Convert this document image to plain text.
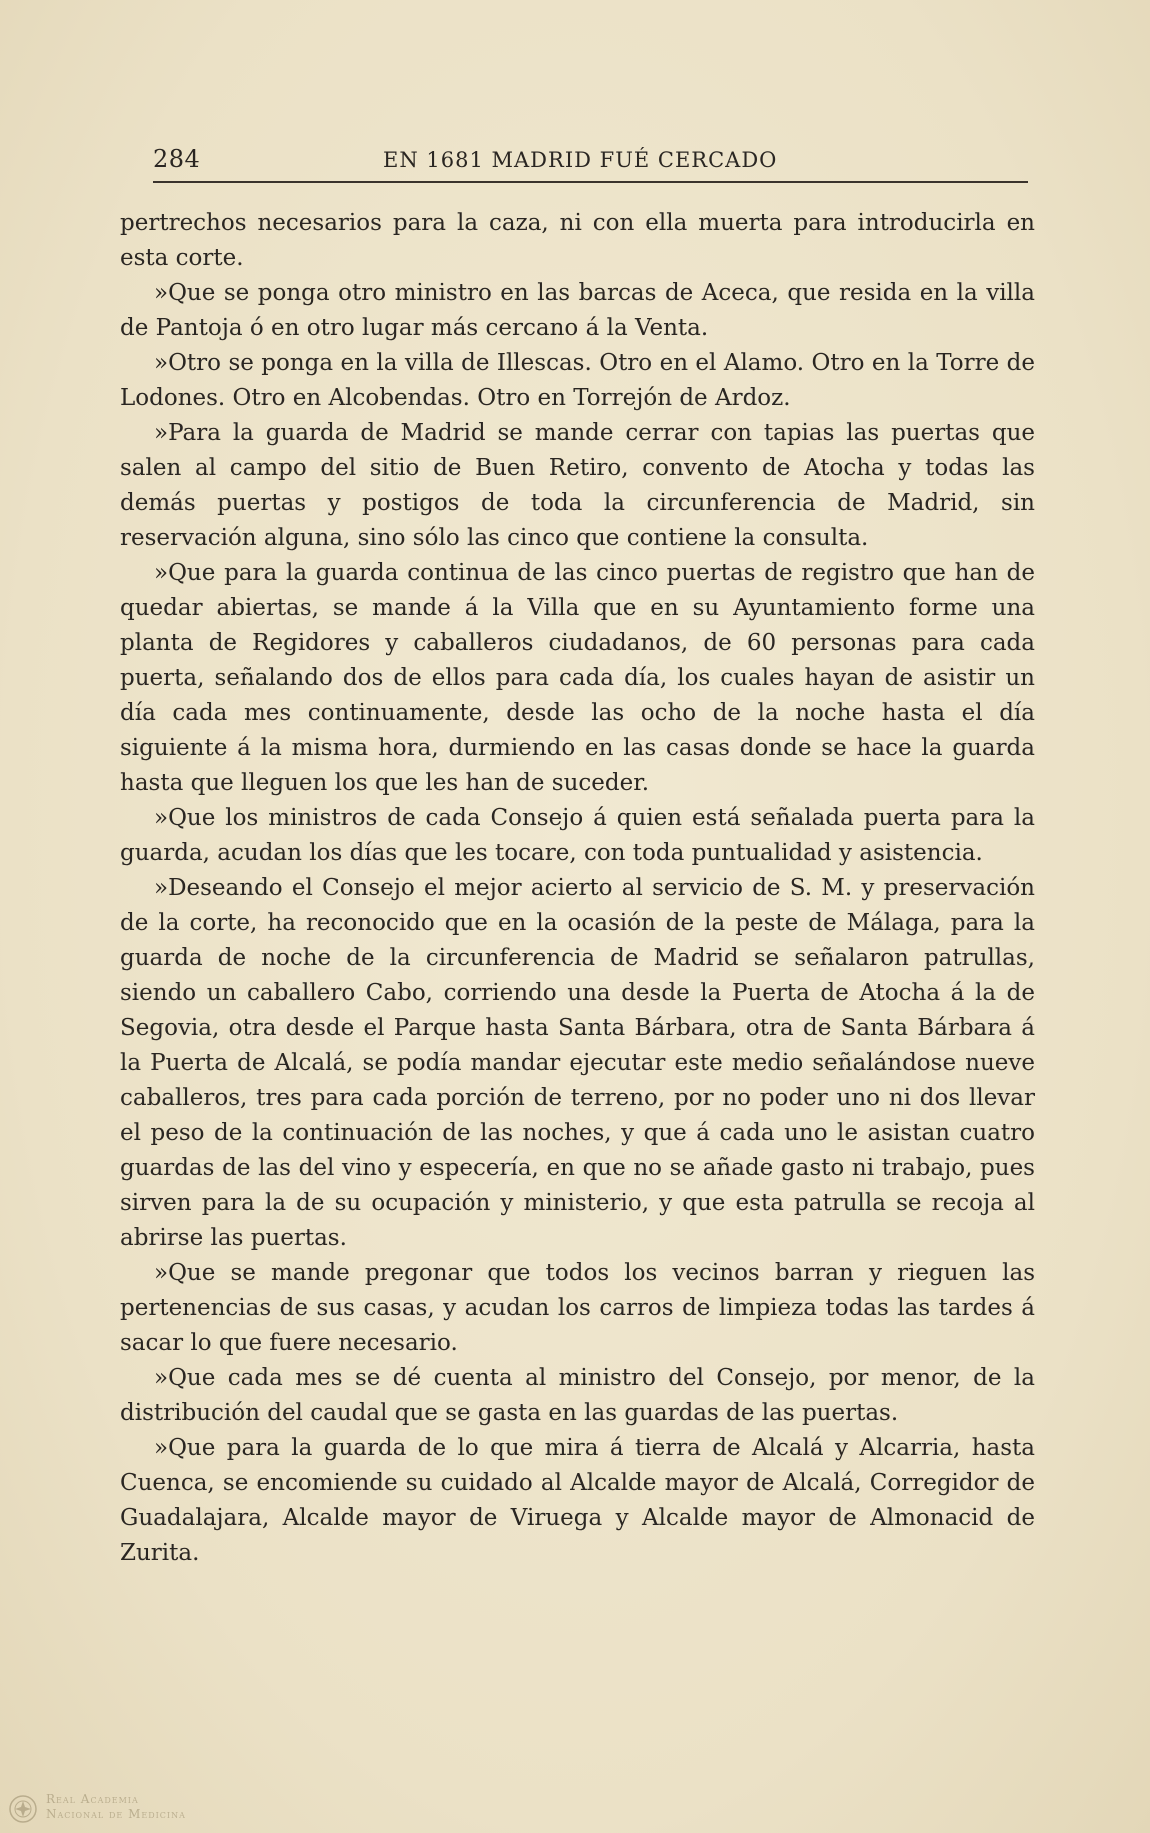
284	EN 1681 MADRID FUÉ CERCADO

pertrechos necesarios para la caza, ni con ella muerta para introducirla en esta corte.

»Que se ponga otro ministro en las barcas de Aceca, que resida en la villa de Pantoja ó en otro lugar más cercano á la Venta.

»Otro se ponga en la villa de Illescas. Otro en el Alamo. Otro en la Torre de Lodones. Otro en Alcobendas. Otro en Torrejón de Ardoz.

»Para la guarda de Madrid se mande cerrar con tapias las puertas que salen al campo del sitio de Buen Retiro, convento de Atocha y todas las demás puertas y postigos de toda la circunferencia de Madrid, sin reservación alguna, sino sólo las cinco que contiene la consulta.

»Que para la guarda continua de las cinco puertas de registro que han de quedar abiertas, se mande á la Villa que en su Ayuntamiento forme una planta de Regidores y caballeros ciudadanos, de 60 personas para cada puerta, señalando dos de ellos para cada día, los cuales hayan de asistir un día cada mes continuamente, desde las ocho de la noche hasta el día siguiente á la misma hora, durmiendo en las casas donde se hace la guarda hasta que lleguen los que les han de suceder.

»Que los ministros de cada Consejo á quien está señalada puerta para la guarda, acudan los días que les tocare, con toda puntualidad y asistencia.

»Deseando el Consejo el mejor acierto al servicio de S. M. y preservación de la corte, ha reconocido que en la ocasión de la peste de Málaga, para la guarda de noche de la circunferencia de Madrid se señalaron patrullas, siendo un caballero Cabo, corriendo una desde la Puerta de Atocha á la de Segovia, otra desde el Parque hasta Santa Bárbara, otra de Santa Bárbara á la Puerta de Alcalá, se podía mandar ejecutar este medio señalándose nueve caballeros, tres para cada porción de terreno, por no poder uno ni dos llevar el peso de la continuación de las noches, y que á cada uno le asistan cuatro guardas de las del vino y especería, en que no se añade gasto ni trabajo, pues sirven para la de su ocupación y ministerio, y que esta patrulla se recoja al abrirse las puertas.

»Que se mande pregonar que todos los vecinos barran y rieguen las pertenencias de sus casas, y acudan los carros de limpieza todas las tardes á sacar lo que fuere necesario.

»Que cada mes se dé cuenta al ministro del Consejo, por menor, de la distribución del caudal que se gasta en las guardas de las puertas.

»Que para la guarda de lo que mira á tierra de Alcalá y Alcarria, hasta Cuenca, se encomiende su cuidado al Alcalde mayor de Alcalá, Corregidor de Guadalajara, Alcalde mayor de Viruega y Alcalde mayor de Almonacid de Zurita.

Real Academia
Nacional de Medicina
